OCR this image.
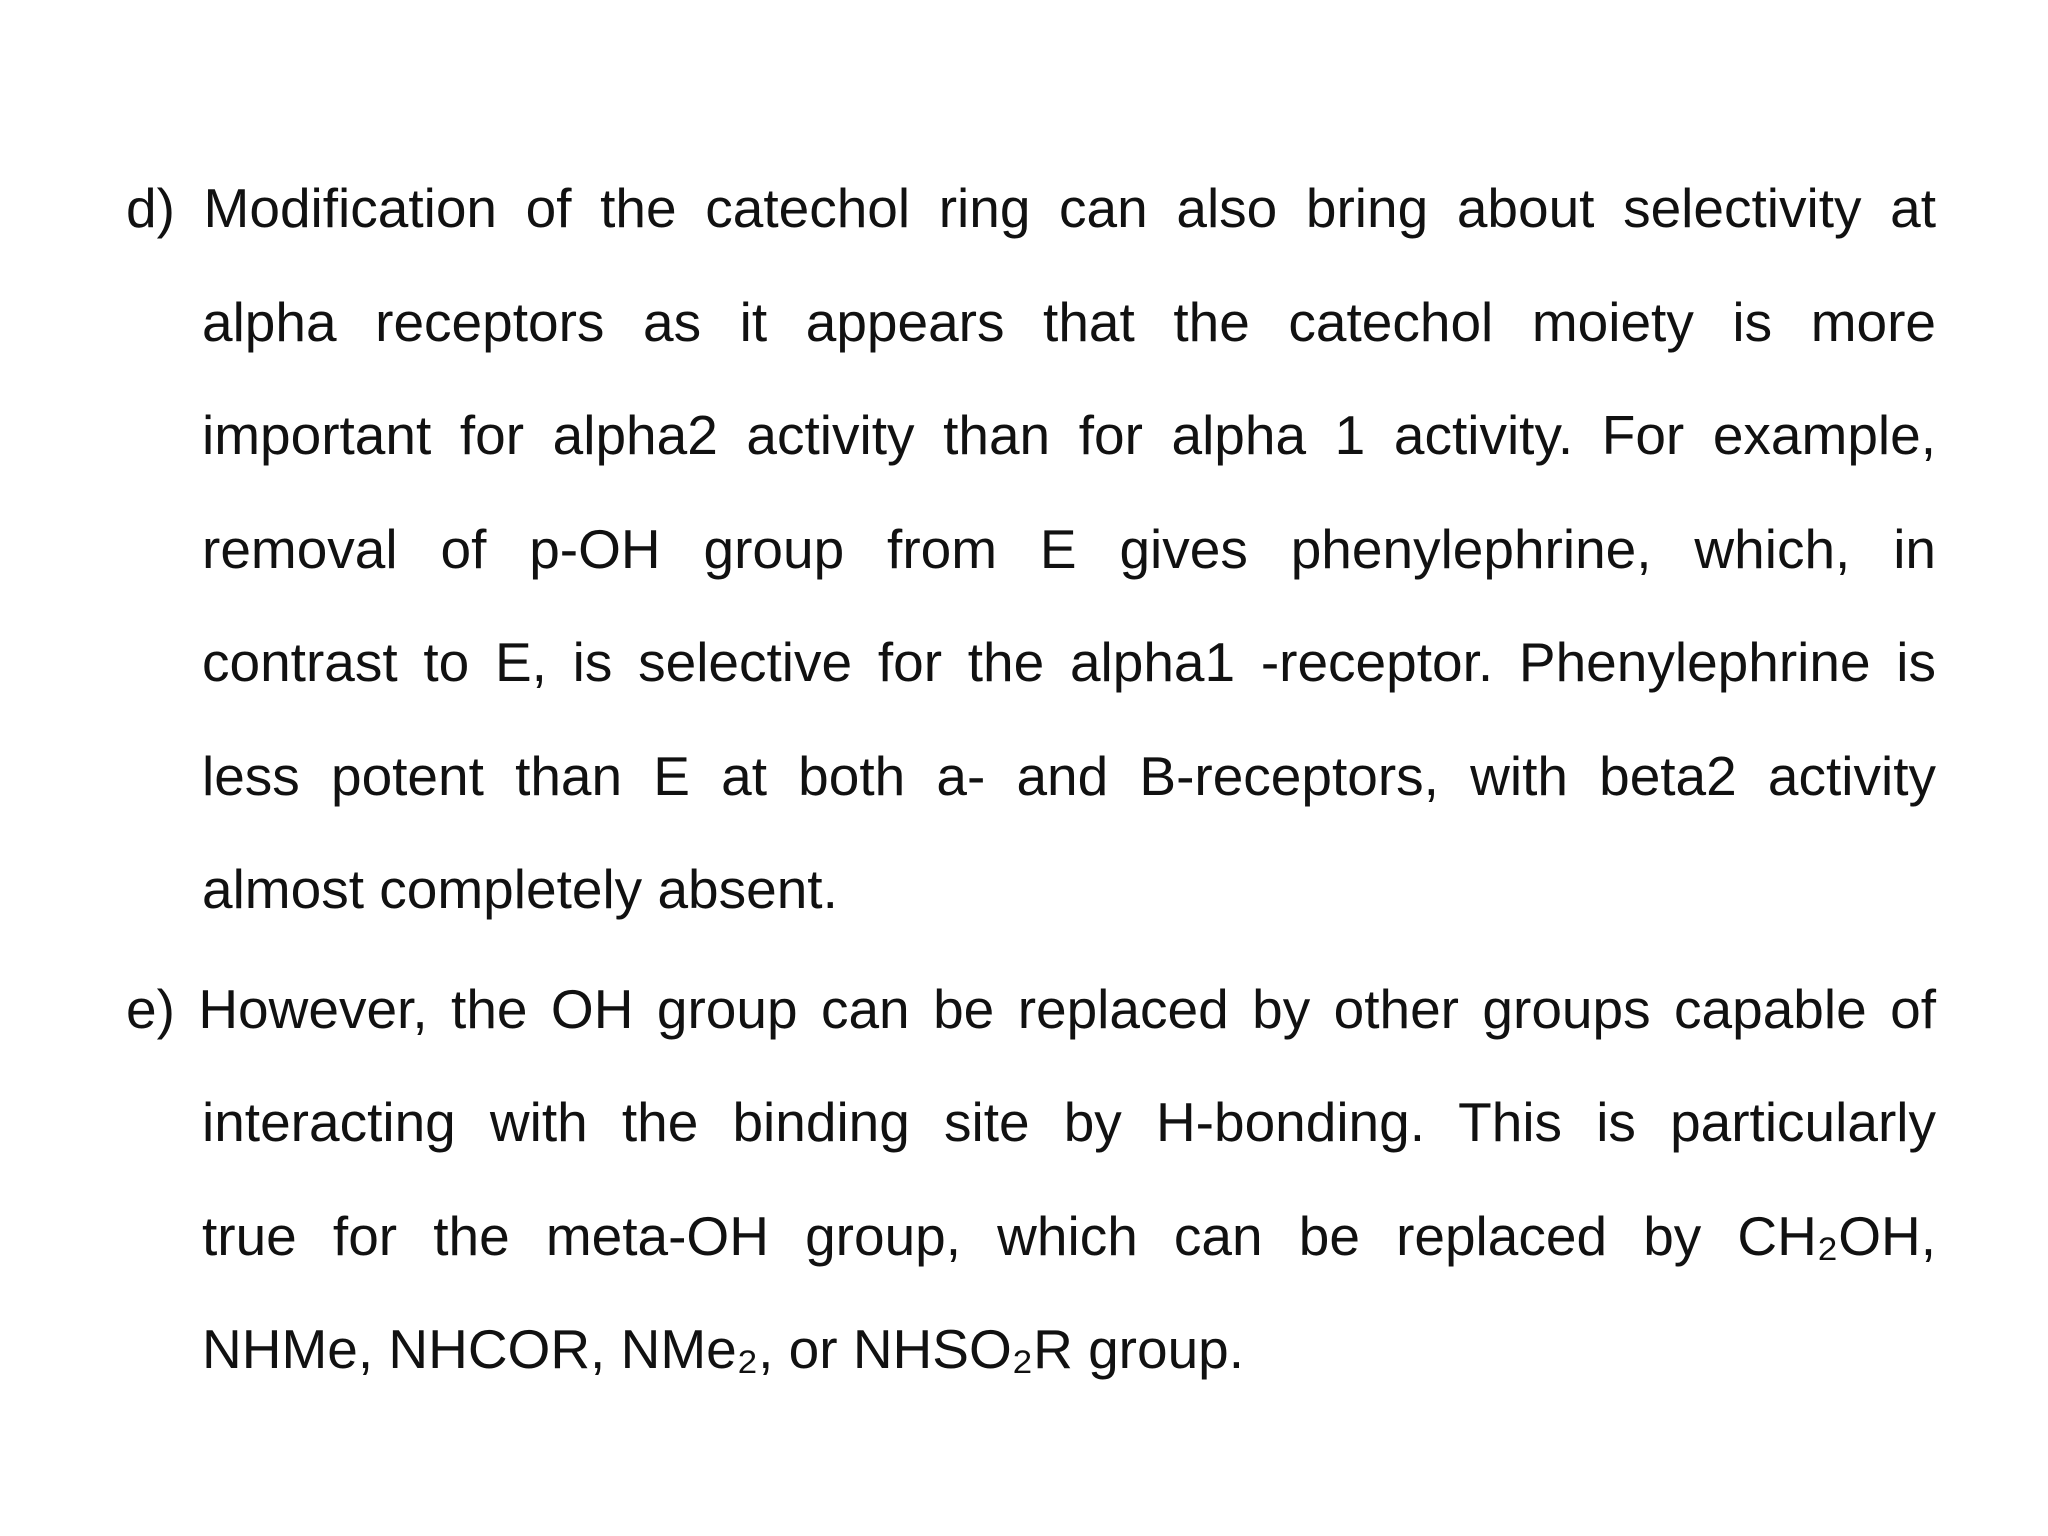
d) Modification of the catechol ring can also bring about selectivity at
alpha receptors as it appears that the catechol moiety is more
important for alpha2 activity than for alpha 1 activity. For example,
removal of p-OH group from E gives phenylephrine, which, in
contrast to E, is selective for the alpha1 -receptor. Phenylephrine is
less potent than E at both a- and B-receptors, with beta2 activity
almost completely absent.
e) However, the OH group can be replaced by other groups capable of
interacting with the binding site by H-bonding. This is particularly
true for the meta-OH group, which can be replaced by CH₂OH,
NHMe, NHCOR, NMe₂, or NHSO₂R group.
